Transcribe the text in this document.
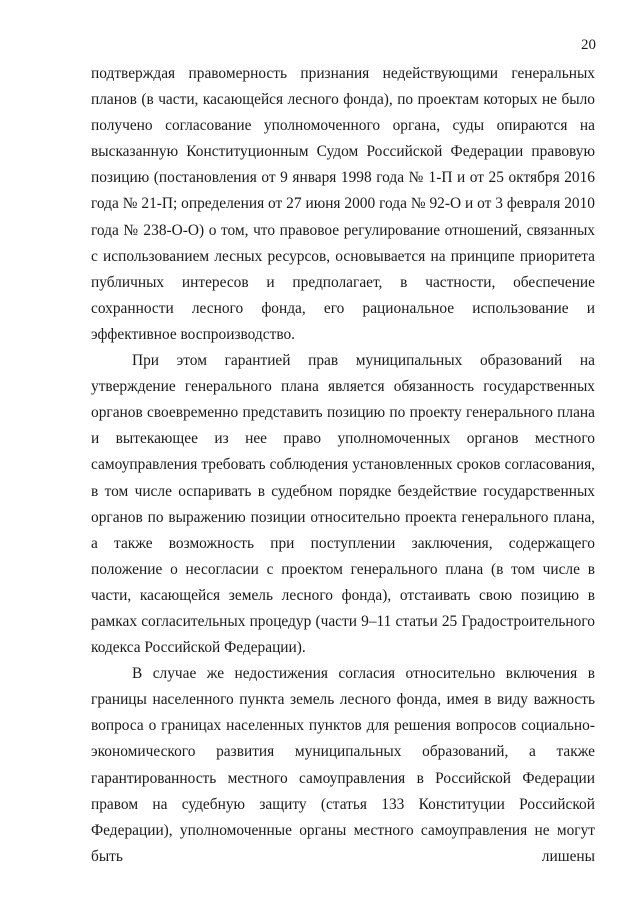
20

подтверждая правомерность признания недействующими генеральных планов (в части, касающейся лесного фонда), по проектам которых не было получено согласование уполномоченного органа, суды опираются на высказанную Конституционным Судом Российской Федерации правовую позицию (постановления от 9 января 1998 года № 1-П и от 25 октября 2016 года № 21-П; определения от 27 июня 2000 года № 92-О и от 3 февраля 2010 года № 238-О-О) о том, что правовое регулирование отношений, связанных с использованием лесных ресурсов, основывается на принципе приоритета публичных интересов и предполагает, в частности, обеспечение сохранности лесного фонда, его рациональное использование и эффективное воспроизводство.

При этом гарантией прав муниципальных образований на утверждение генерального плана является обязанность государственных органов своевременно представить позицию по проекту генерального плана и вытекающее из нее право уполномоченных органов местного самоуправления требовать соблюдения установленных сроков согласования, в том числе оспаривать в судебном порядке бездействие государственных органов по выражению позиции относительно проекта генерального плана, а также возможность при поступлении заключения, содержащего положение о несогласии с проектом генерального плана (в том числе в части, касающейся земель лесного фонда), отстаивать свою позицию в рамках согласительных процедур (части 9–11 статьи 25 Градостроительного кодекса Российской Федерации).

В случае же недостижения согласия относительно включения в границы населенного пункта земель лесного фонда, имея в виду важность вопроса о границах населенных пунктов для решения вопросов социально-экономического развития муниципальных образований, а также гарантированность местного самоуправления в Российской Федерации правом на судебную защиту (статья 133 Конституции Российской Федерации), уполномоченные органы местного самоуправления не могут быть лишены
